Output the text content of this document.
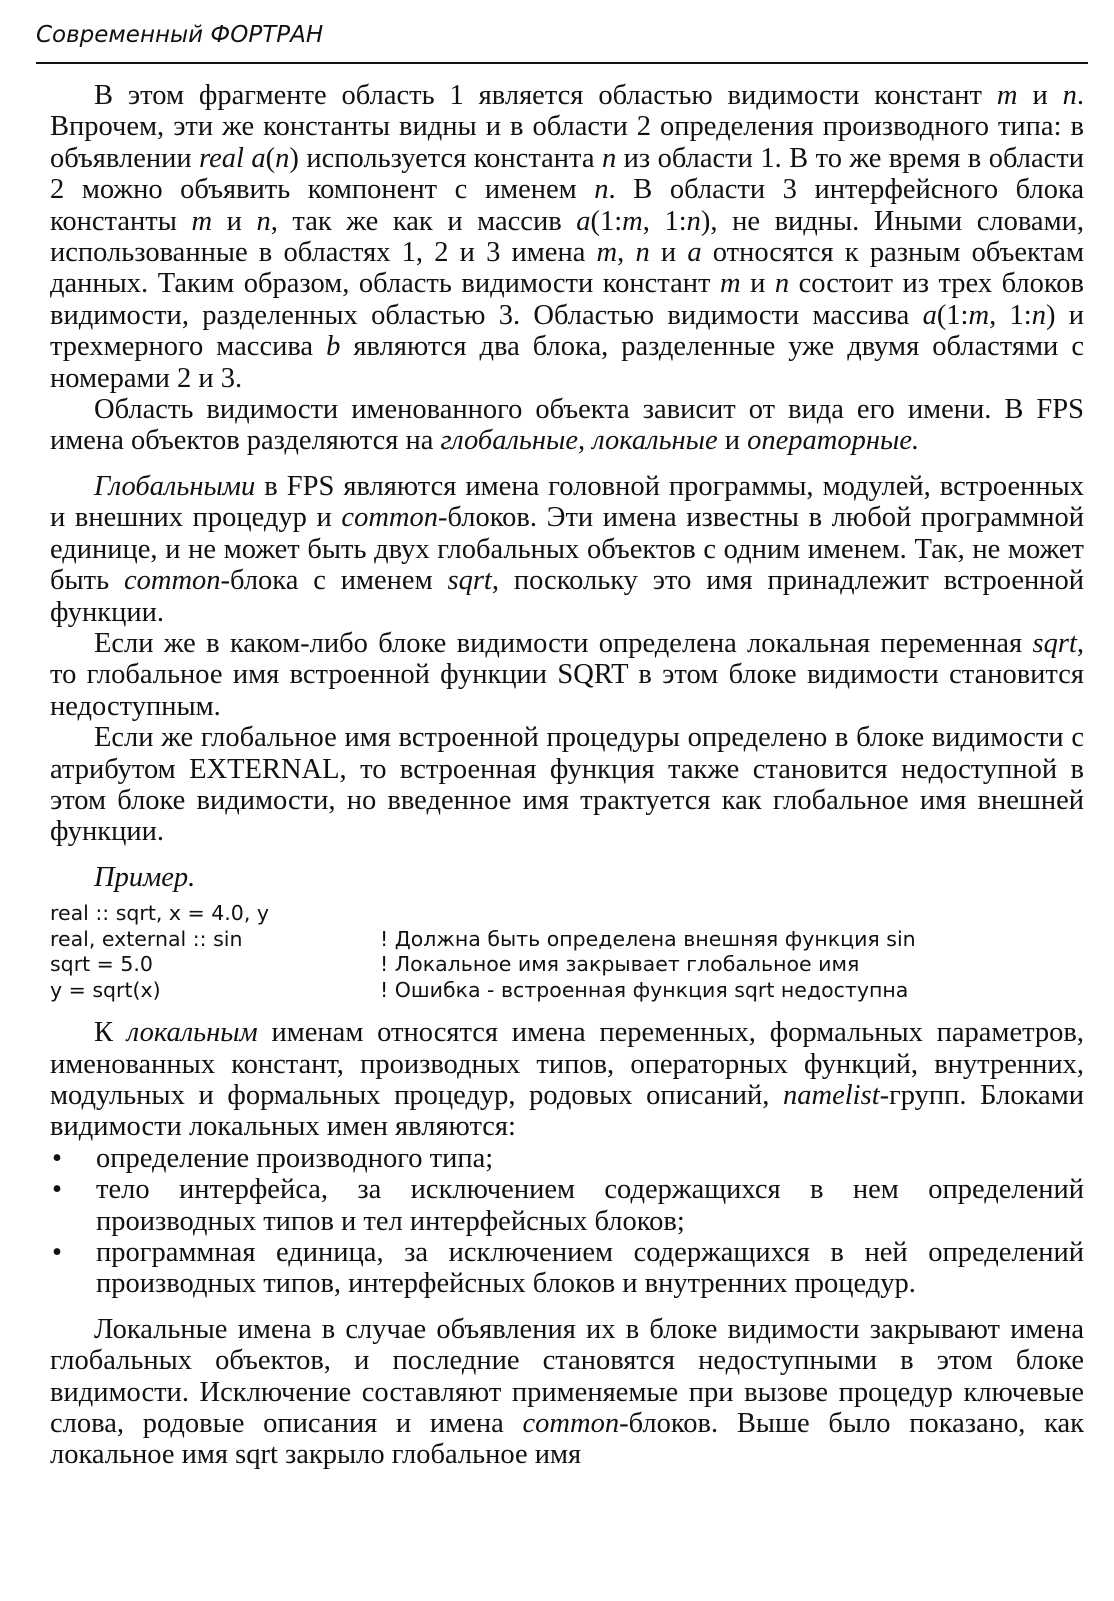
Современный ФОРТРАН

В этом фрагменте область 1 является областью видимости констант m и n. Впрочем, эти же константы видны и в области 2 определения производного типа: в объявлении real a(n) используется константа n из области 1. В то же время в области 2 можно объявить компонент с именем n. В области 3 интерфейсного блока константы m и n, так же как и массив a(1:m, 1:n), не видны. Иными словами, использованные в областях 1, 2 и 3 имена m, n и a относятся к разным объектам данных. Таким образом, область видимости констант m и n состоит из трех блоков видимости, разделенных областью 3. Областью видимости массива a(1:m, 1:n) и трехмерного массива b являются два блока, разделенные уже двумя областями с номерами 2 и 3.

Область видимости именованного объекта зависит от вида его имени. В FPS имена объектов разделяются на глобальные, локальные и операторные.

Глобальными в FPS являются имена головной программы, модулей, встроенных и внешних процедур и common-блоков. Эти имена известны в любой программной единице, и не может быть двух глобальных объектов с одним именем. Так, не может быть common-блока с именем sqrt, поскольку это имя принадлежит встроенной функции.

Если же в каком-либо блоке видимости определена локальная переменная sqrt, то глобальное имя встроенной функции SQRT в этом блоке видимости становится недоступным.

Если же глобальное имя встроенной процедуры определено в блоке видимости с атрибутом EXTERNAL, то встроенная функция также становится недоступной в этом блоке видимости, но введенное имя трактуется как глобальное имя внешней функции.

Пример.

real :: sqrt, x = 4.0, y
real, external :: sin	! Должна быть определена внешняя функция sin
sqrt = 5.0	! Локальное имя закрывает глобальное имя
y = sqrt(x)	! Ошибка - встроенная функция sqrt недоступна

К локальным именам относятся имена переменных, формальных параметров, именованных констант, производных типов, операторных функций, внутренних, модульных и формальных процедур, родовых описаний, namelist-групп. Блоками видимости локальных имен являются:

• определение производного типа;
• тело интерфейса, за исключением содержащихся в нем определений производных типов и тел интерфейсных блоков;
• программная единица, за исключением содержащихся в ней определений производных типов, интерфейсных блоков и внутренних процедур.

Локальные имена в случае объявления их в блоке видимости закрывают имена глобальных объектов, и последние становятся недоступными в этом блоке видимости. Исключение составляют применяемые при вызове процедур ключевые слова, родовые описания и имена common-блоков. Выше было показано, как локальное имя sqrt закрыло глобальное имя
